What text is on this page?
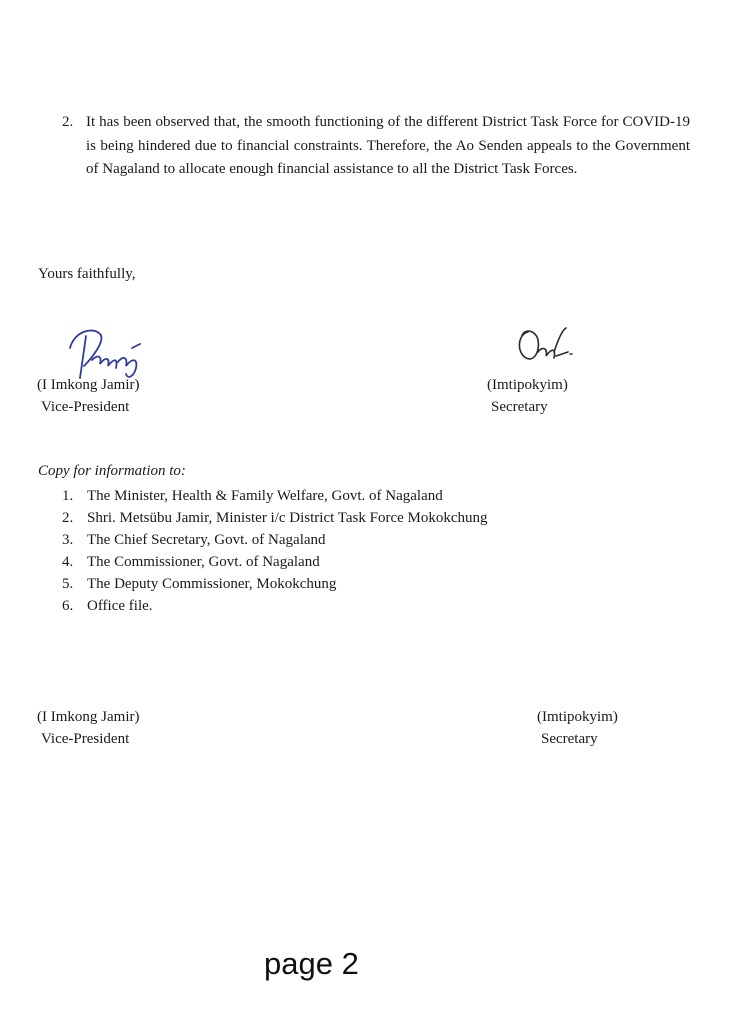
2. It has been observed that, the smooth functioning of the different District Task Force for COVID-19 is being hindered due to financial constraints. Therefore, the Ao Senden appeals to the Government of Nagaland to allocate enough financial assistance to all the District Task Forces.
Yours faithfully,
(I Imkong Jamir)
Vice-President
(Imtipokyim)
Secretary
Copy for information to:
1. The Minister, Health & Family Welfare, Govt. of Nagaland
2. Shri. Metsübu Jamir, Minister i/c District Task Force Mokokchung
3. The Chief Secretary, Govt. of Nagaland
4. The Commissioner, Govt. of Nagaland
5. The Deputy Commissioner, Mokokchung
6. Office file.
(I Imkong Jamir)
Vice-President
(Imtipokyim)
Secretary
page 2
